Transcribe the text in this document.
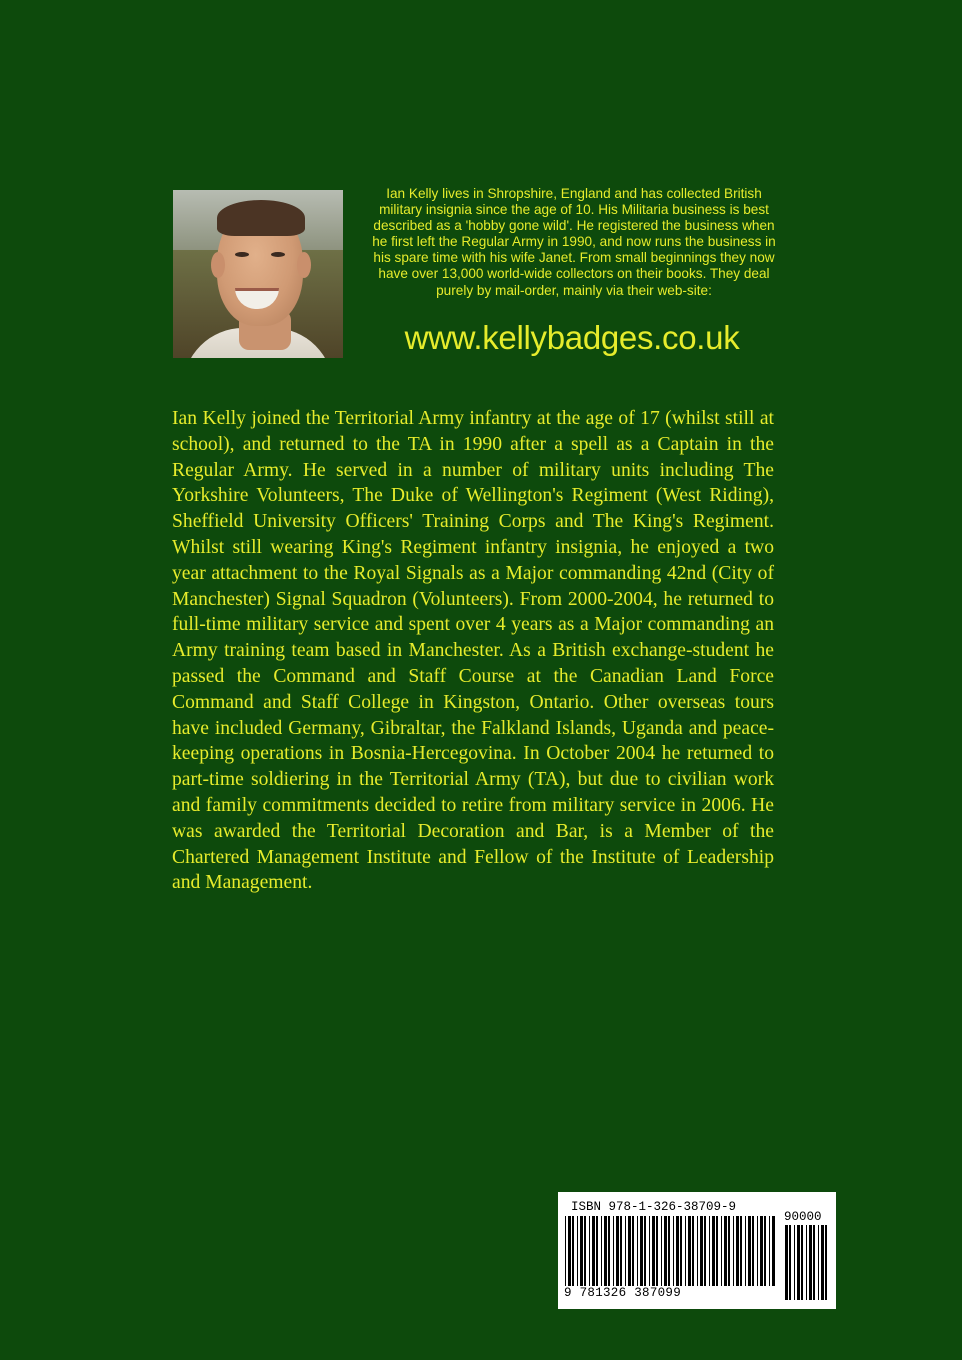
Ian Kelly lives in Shropshire, England and has collected British military insignia since the age of 10. His Militaria business is best described as a 'hobby gone wild'. He registered the business when he first left the Regular Army in 1990, and now runs the business in his spare time with his wife Janet. From small beginnings they now have over 13,000 world-wide collectors on their books. They deal purely by mail-order, mainly via their web-site:

www.kellybadges.co.uk

Ian Kelly joined the Territorial Army infantry at the age of 17 (whilst still at school), and returned to the TA in 1990 after a spell as a Captain in the Regular Army. He served in a number of military units including The Yorkshire Volunteers, The Duke of Wellington's Regiment (West Riding), Sheffield University Officers' Training Corps and The King's Regiment. Whilst still wearing King's Regiment infantry insignia, he enjoyed a two year attachment to the Royal Signals as a Major commanding 42nd (City of Manchester) Signal Squadron (Volunteers). From 2000-2004, he returned to full-time military service and spent over 4 years as a Major commanding an Army training team based in Manchester. As a British exchange-student he passed the Command and Staff Course at the Canadian Land Force Command and Staff College in Kingston, Ontario. Other overseas tours have included Germany, Gibraltar, the Falkland Islands, Uganda and peace-keeping operations in Bosnia-Hercegovina. In October 2004 he returned to part-time soldiering in the Territorial Army (TA), but due to civilian work and family commitments decided to retire from military service in 2006. He was awarded the Territorial Decoration and Bar, is a Member of the Chartered Management Institute and Fellow of the Institute of Leadership and Management.

ISBN 978-1-326-38709-9

90000

9 781326 387099
